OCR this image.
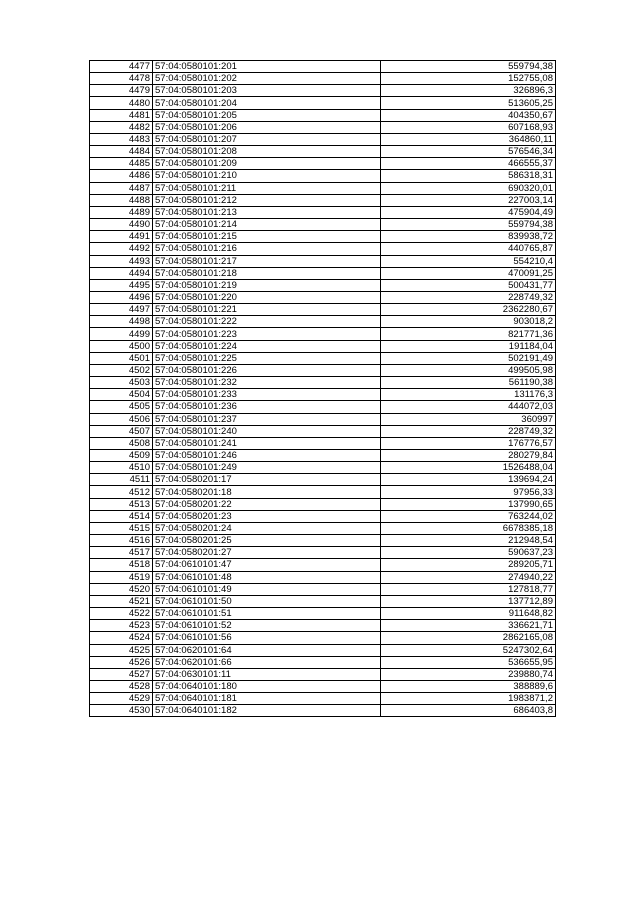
4477	57:04:0580101:201	559794,38
4478	57:04:0580101:202	152755,08
4479	57:04:0580101:203	326896,3
4480	57:04:0580101:204	513605,25
4481	57:04:0580101:205	404350,67
4482	57:04:0580101:206	607168,93
4483	57:04:0580101:207	364860,11
4484	57:04:0580101:208	576546,34
4485	57:04:0580101:209	466555,37
4486	57:04:0580101:210	586318,31
4487	57:04:0580101:211	690320,01
4488	57:04:0580101:212	227003,14
4489	57:04:0580101:213	475904,49
4490	57:04:0580101:214	559794,38
4491	57:04:0580101:215	839938,72
4492	57:04:0580101:216	440765,87
4493	57:04:0580101:217	554210,4
4494	57:04:0580101:218	470091,25
4495	57:04:0580101:219	500431,77
4496	57:04:0580101:220	228749,32
4497	57:04:0580101:221	2362280,67
4498	57:04:0580101:222	903018,2
4499	57:04:0580101:223	821771,36
4500	57:04:0580101:224	191184,04
4501	57:04:0580101:225	502191,49
4502	57:04:0580101:226	499505,98
4503	57:04:0580101:232	561190,38
4504	57:04:0580101:233	131176,3
4505	57:04:0580101:236	444072,03
4506	57:04:0580101:237	360997
4507	57:04:0580101:240	228749,32
4508	57:04:0580101:241	176776,57
4509	57:04:0580101:246	280279,84
4510	57:04:0580101:249	1526488,04
4511	57:04:0580201:17	139694,24
4512	57:04:0580201:18	97956,33
4513	57:04:0580201:22	137990,65
4514	57:04:0580201:23	763244,02
4515	57:04:0580201:24	6678385,18
4516	57:04:0580201:25	212948,54
4517	57:04:0580201:27	590637,23
4518	57:04:0610101:47	289205,71
4519	57:04:0610101:48	274940,22
4520	57:04:0610101:49	127818,77
4521	57:04:0610101:50	137712,89
4522	57:04:0610101:51	911648,82
4523	57:04:0610101:52	336621,71
4524	57:04:0610101:56	2862165,08
4525	57:04:0620101:64	5247302,64
4526	57:04:0620101:66	536655,95
4527	57:04:0630101:11	239880,74
4528	57:04:0640101:180	388889,6
4529	57:04:0640101:181	1983871,2
4530	57:04:0640101:182	686403,8
